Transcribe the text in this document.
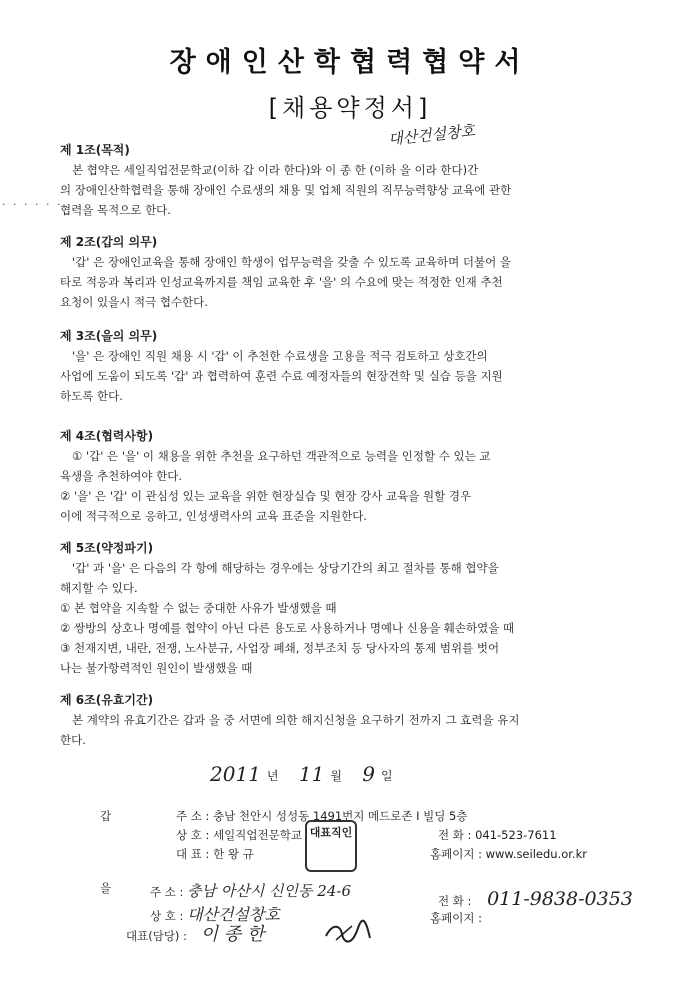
장애인산학협력협약서
[채용약정서]
대산건설창호
· · · · · ·
제 1조(목적)
본 협약은 세일직업전문학교(이하 갑 이라 한다)와 이 종 한 (이하 을 이라 한다)간
의 장애인산학협력을 통해 장애인 수료생의 채용 및 업체 직원의 직무능력향상 교육에 관한
협력을 목적으로 한다.
제 2조(갑의 의무)
'갑' 은 장애인교육을 통해 장애인 학생이 업무능력을 갖출 수 있도록 교육하며 더불어 을
타로 적응과 복리과 인성교육까지를 책임 교육한 후 '을' 의 수요에 맞는 적정한 인재 추천
요청이 있을시 적극 협수한다.
제 3조(을의 의무)
'을' 은 장애인 직원 채용 시 '갑' 이 추천한 수료생을 고용을 적극 검토하고 상호간의
사업에 도움이 되도록 '갑' 과 협력하여 훈련 수료 예정자들의 현장견학 및 실습 등을 지원
하도록 한다.
제 4조(협력사항)
① '갑' 은 '을' 이 채용을 위한 추천을 요구하던 객관적으로 능력을 인정할 수 있는 교
육생을 추천하여야 한다.
② '을' 은 '갑' 이 관심성 있는 교육을 위한 현장실습 및 현장 강사 교육을 원할 경우
이에 적극적으로 응하고, 인성생력사의 교육 표준을 지원한다.
제 5조(약정파기)
'갑' 과 '을' 은 다음의 각 항에 해당하는 경우에는 상당기간의 최고 절차를 통해 협약을
해지할 수 있다.
① 본 협약을 지속할 수 없는 중대한 사유가 발생했을 때
② 쌍방의 상호나 명예를 협약이 아닌 다른 용도로 사용하거나 명예나 신용을 훼손하였을 때
③ 천재지변, 내란, 전쟁, 노사분규, 사업장 폐쇄, 정부조치 등 당사자의 통제 범위를 벗어
나는 불가항력적인 원인이 발생했을 때
제 6조(유효기간)
본 계약의 유효기간은 갑과 을 중 서면에 의한 해지신청을 요구하기 전까지 그 효력을 유지
한다.
2011 년 11 월 9 일
갑	주 소 : 충남 천안시 성성동 1491번지 메드로존 I 빌딩 5층
상 호 : 세일직업전문학교
대 표 : 한 왕 규
전 화 : 041-523-7611
홈페이지 : www.seiledu.or.kr
대표직인
을	주 소 : 충남 아산시 신인동 24-6
상 호 : 대산건설창호
대표(담당) : 이 종 한
전 화 : 011-9838-0353
홈페이지 :
